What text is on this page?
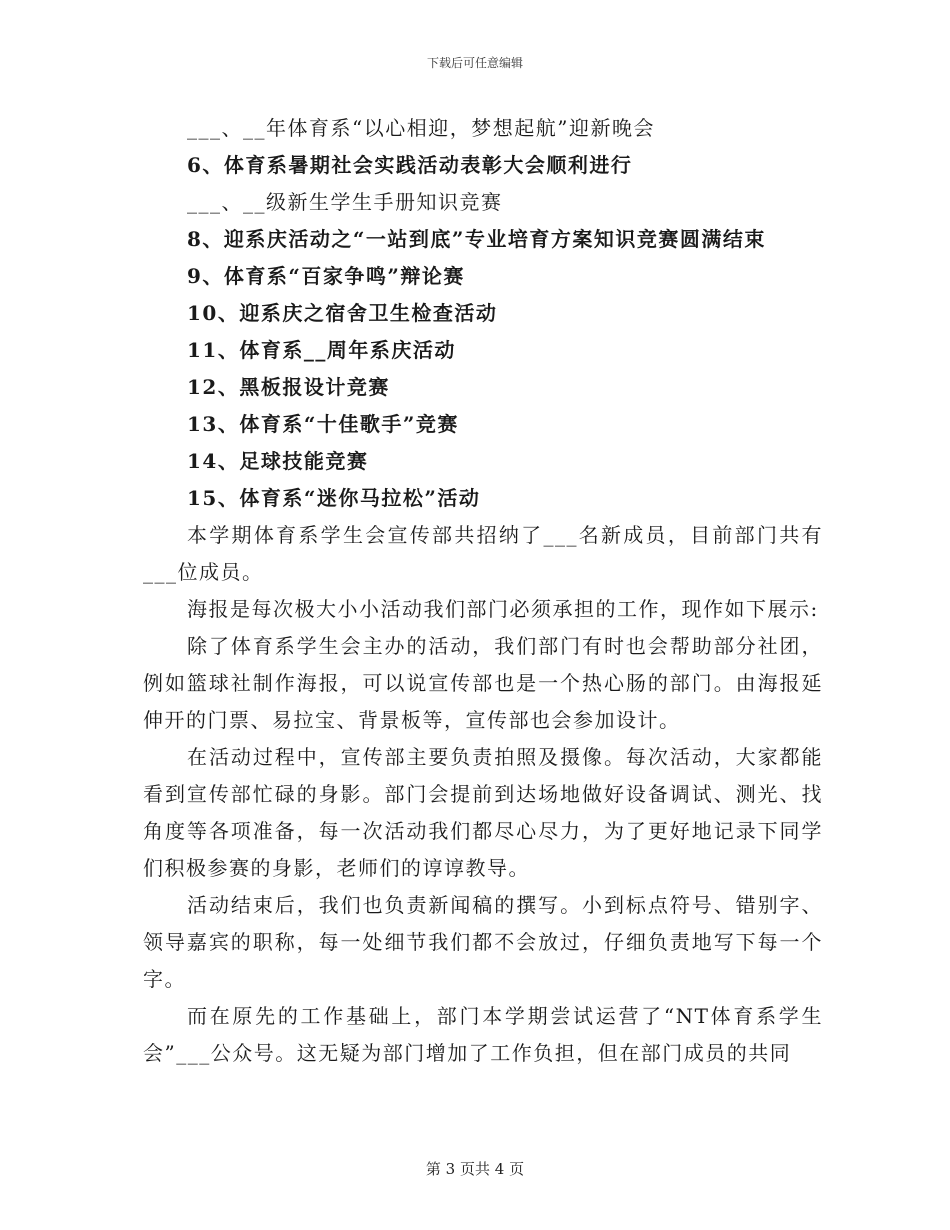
下载后可任意编辑
___、__年体育系“以心相迎，梦想起航”迎新晚会
6、体育系暑期社会实践活动表彰大会顺利进行
___、__级新生学生手册知识竞赛
8、迎系庆活动之“一站到底”专业培育方案知识竞赛圆满结束
9、体育系“百家争鸣”辩论赛
10、迎系庆之宿舍卫生检查活动
11、体育系__周年系庆活动
12、黑板报设计竞赛
13、体育系“十佳歌手”竞赛
14、足球技能竞赛
15、体育系“迷你马拉松”活动

本学期体育系学生会宣传部共招纳了___名新成员，目前部门共有___位成员。

海报是每次极大小小活动我们部门必须承担的工作，现作如下展示:

除了体育系学生会主办的活动，我们部门有时也会帮助部分社团，例如篮球社制作海报，可以说宣传部也是一个热心肠的部门。由海报延伸开的门票、易拉宝、背景板等，宣传部也会参加设计。

在活动过程中，宣传部主要负责拍照及摄像。每次活动，大家都能看到宣传部忙碌的身影。部门会提前到达场地做好设备调试、测光、找角度等各项准备，每一次活动我们都尽心尽力，为了更好地记录下同学们积极参赛的身影，老师们的谆谆教导。

活动结束后，我们也负责新闻稿的撰写。小到标点符号、错别字、领导嘉宾的职称，每一处细节我们都不会放过，仔细负责地写下每一个字。

而在原先的工作基础上，部门本学期尝试运营了“NT体育系学生会”___公众号。这无疑为部门增加了工作负担，但在部门成员的共同

第 3 页共 4 页
